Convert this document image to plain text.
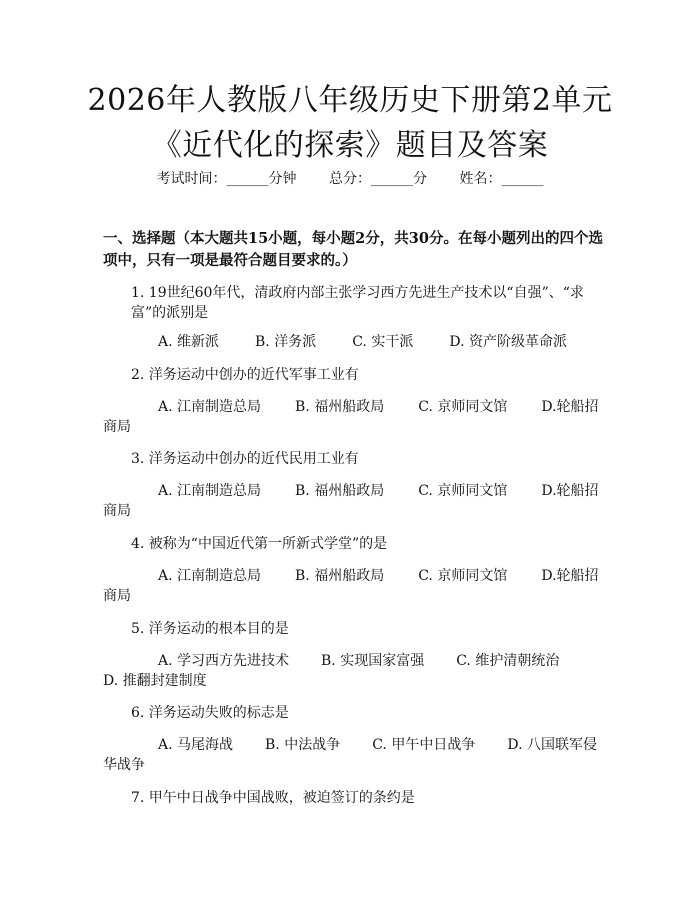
2026年人教版八年级历史下册第2单元《近代化的探索》题目及答案
考试时间：______分钟 总分：______分 姓名：______
一、选择题（本大题共15小题，每小题2分，共30分。在每小题列出的四个选项中，只有一项是最符合题目要求的。）
1. 19世纪60年代，清政府内部主张学习西方先进生产技术以“自强”、“求富”的派别是
A. 维新派	B. 洋务派	C. 实干派	D. 资产阶级革命派
2. 洋务运动中创办的近代军事工业有
A. 江南制造总局 B. 福州船政局 C. 京师同文馆 D.轮船招商局
3. 洋务运动中创办的近代民用工业有
A. 江南制造总局 B. 福州船政局 C. 京师同文馆 D.轮船招商局
4. 被称为“中国近代第一所新式学堂”的是
A. 江南制造总局 B. 福州船政局 C. 京师同文馆 D.轮船招商局
5. 洋务运动的根本目的是
A. 学习西方先进技术 B. 实现国家富强 C. 维护清朝统治D. 推翻封建制度
6. 洋务运动失败的标志是
A. 马尾海战 B. 中法战争 C. 甲午中日战争 D. 八国联军侵华战争
7. 甲午中日战争中国战败，被迫签订的条约是
